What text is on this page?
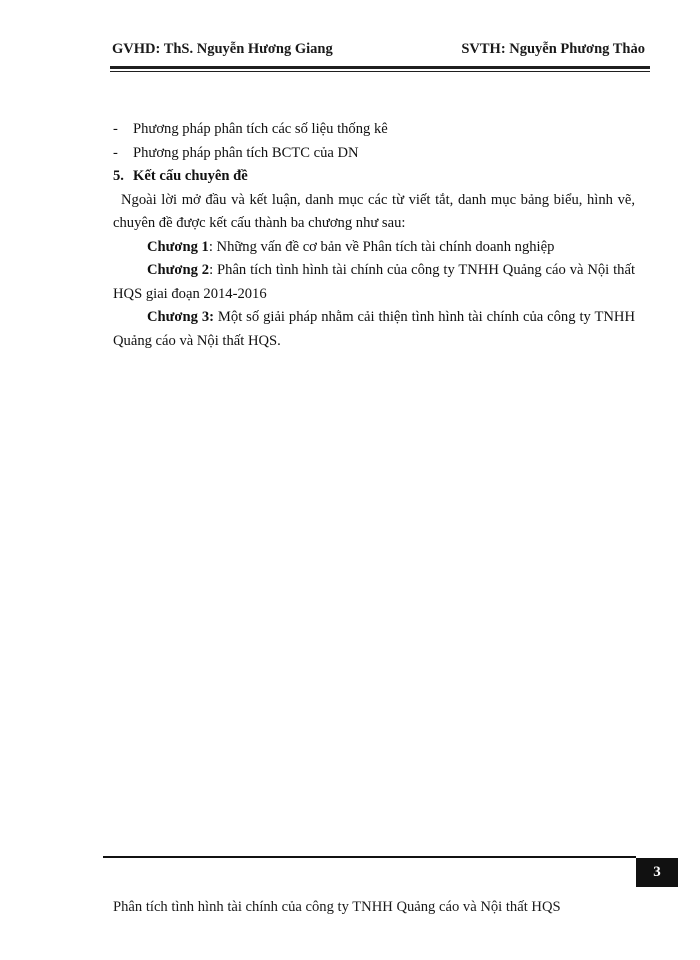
GVHD: ThS. Nguyễn Hương Giang	SVTH: Nguyễn Phương Thảo
-	Phương pháp phân tích các số liệu thống kê
-	Phương pháp phân tích BCTC của DN
5. Kết cấu chuyên đề
Ngoài lời mở đầu và kết luận, danh mục các từ viết tắt, danh mục bảng biểu, hình vẽ, chuyên đề được kết cấu thành ba chương như sau:
Chương 1: Những vấn đề cơ bản về Phân tích tài chính doanh nghiệp
Chương 2: Phân tích tình hình tài chính của công ty TNHH Quảng cáo và Nội thất HQS giai đoạn 2014-2016
Chương 3: Một số giải pháp nhằm cải thiện tình hình tài chính của công ty TNHH Quảng cáo và Nội thất HQS.
3
Phân tích tình hình tài chính của công ty TNHH Quảng cáo và Nội thất HQS
